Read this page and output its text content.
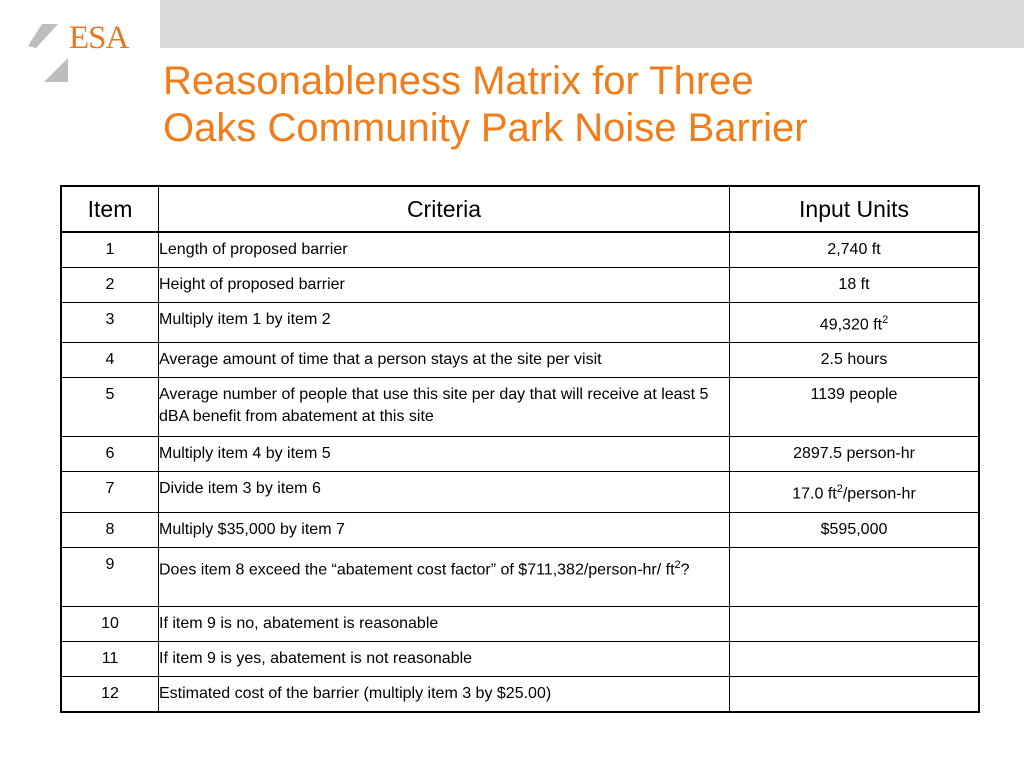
ESA
Reasonableness Matrix for Three
Oaks Community Park Noise Barrier
Item	Criteria	Input Units
1	Length of proposed barrier	2,740 ft
2	Height of proposed barrier	18 ft
3	Multiply item 1 by item 2	49,320 $ft^2$
4	Average amount of time that a person stays at the site per visit	2.5 hours
5	Average number of people that use this site per day that will receive at least 5 dBA benefit from abatement at this site	1139 people
6	Multiply item 4 by item 5	2897.5 person-hr
7	Divide item 3 by item 6	17.0 $ft^2/person-hr$
8	Multiply $35,000 by item 7	$595,000
9	Does item 8 exceed the “abatement cost factor” of $711,382/person-hr/ $ft^2$?	
10	If item 9 is no, abatement is reasonable	
11	If item 9 is yes, abatement is not reasonable	
12	Estimated cost of the barrier (multiply item 3 by $25.00)	
